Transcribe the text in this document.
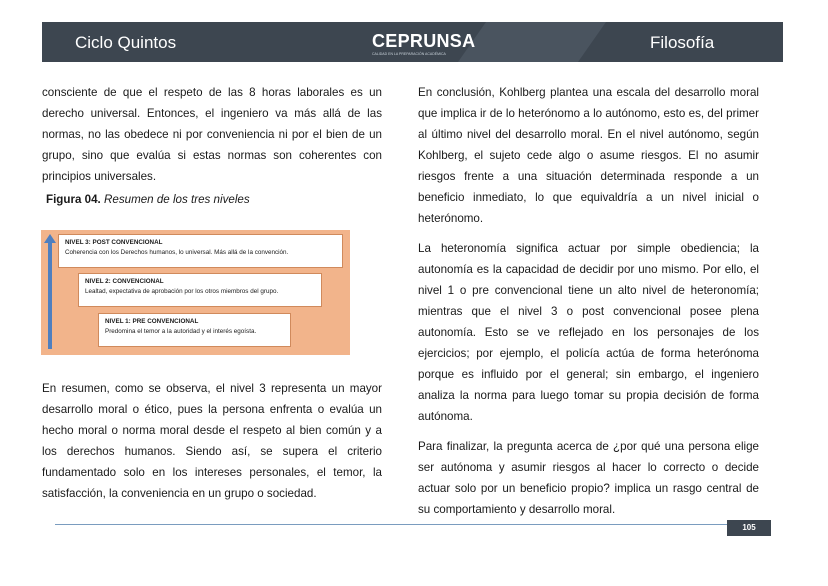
Ciclo Quintos	CEPRUNSA
CALIDAD EN LA PREPARACIÓN ACADÉMICA
Filosofía

consciente de que el respeto de las 8 horas laborales es un derecho universal. Entonces, el ingeniero va más allá de las normas, no las obedece ni por conveniencia ni por el bien de un grupo, sino que evalúa si estas normas son coherentes con principios universales.

Figura 04. Resumen de los tres niveles
NIVEL 3: POST CONVENCIONAL
Coherencia con los Derechos humanos, lo universal. Más allá de la convención.
NIVEL 2: CONVENCIONAL
Lealtad, expectativa de aprobación por los otros miembros del grupo.
NIVEL 1: PRE CONVENCIONAL
Predomina el temor a la autoridad y el interés egoísta.

En resumen, como se observa, el nivel 3 representa un mayor desarrollo moral o ético, pues la persona enfrenta o evalúa un hecho moral o norma moral desde el respeto al bien común y a los derechos humanos. Siendo así, se supera el criterio fundamentado solo en los intereses personales, el temor, la satisfacción, la conveniencia en un grupo o sociedad.

En conclusión, Kohlberg plantea una escala del desarrollo moral que implica ir de lo heterónomo a lo autónomo, esto es, del primer al último nivel del desarrollo moral. En el nivel autónomo, según Kohlberg, el sujeto cede algo o asume riesgos. El no asumir riesgos frente a una situación determinada responde a un beneficio inmediato, lo que equivaldría a un nivel inicial o heterónomo.

La heteronomía significa actuar por simple obediencia; la autonomía es la capacidad de decidir por uno mismo. Por ello, el nivel 1 o pre convencional tiene un alto nivel de heteronomía; mientras que el nivel 3 o post convencional posee plena autonomía. Esto se ve reflejado en los personajes de los ejercicios; por ejemplo, el policía actúa de forma heterónoma porque es influido por el general; sin embargo, el ingeniero analiza la norma para luego tomar su propia decisión de forma autónoma.

Para finalizar, la pregunta acerca de ¿por qué una persona elige ser autónoma y asumir riesgos al hacer lo correcto o decide actuar solo por un beneficio propio? implica un rasgo central de su comportamiento y desarrollo moral.

105
